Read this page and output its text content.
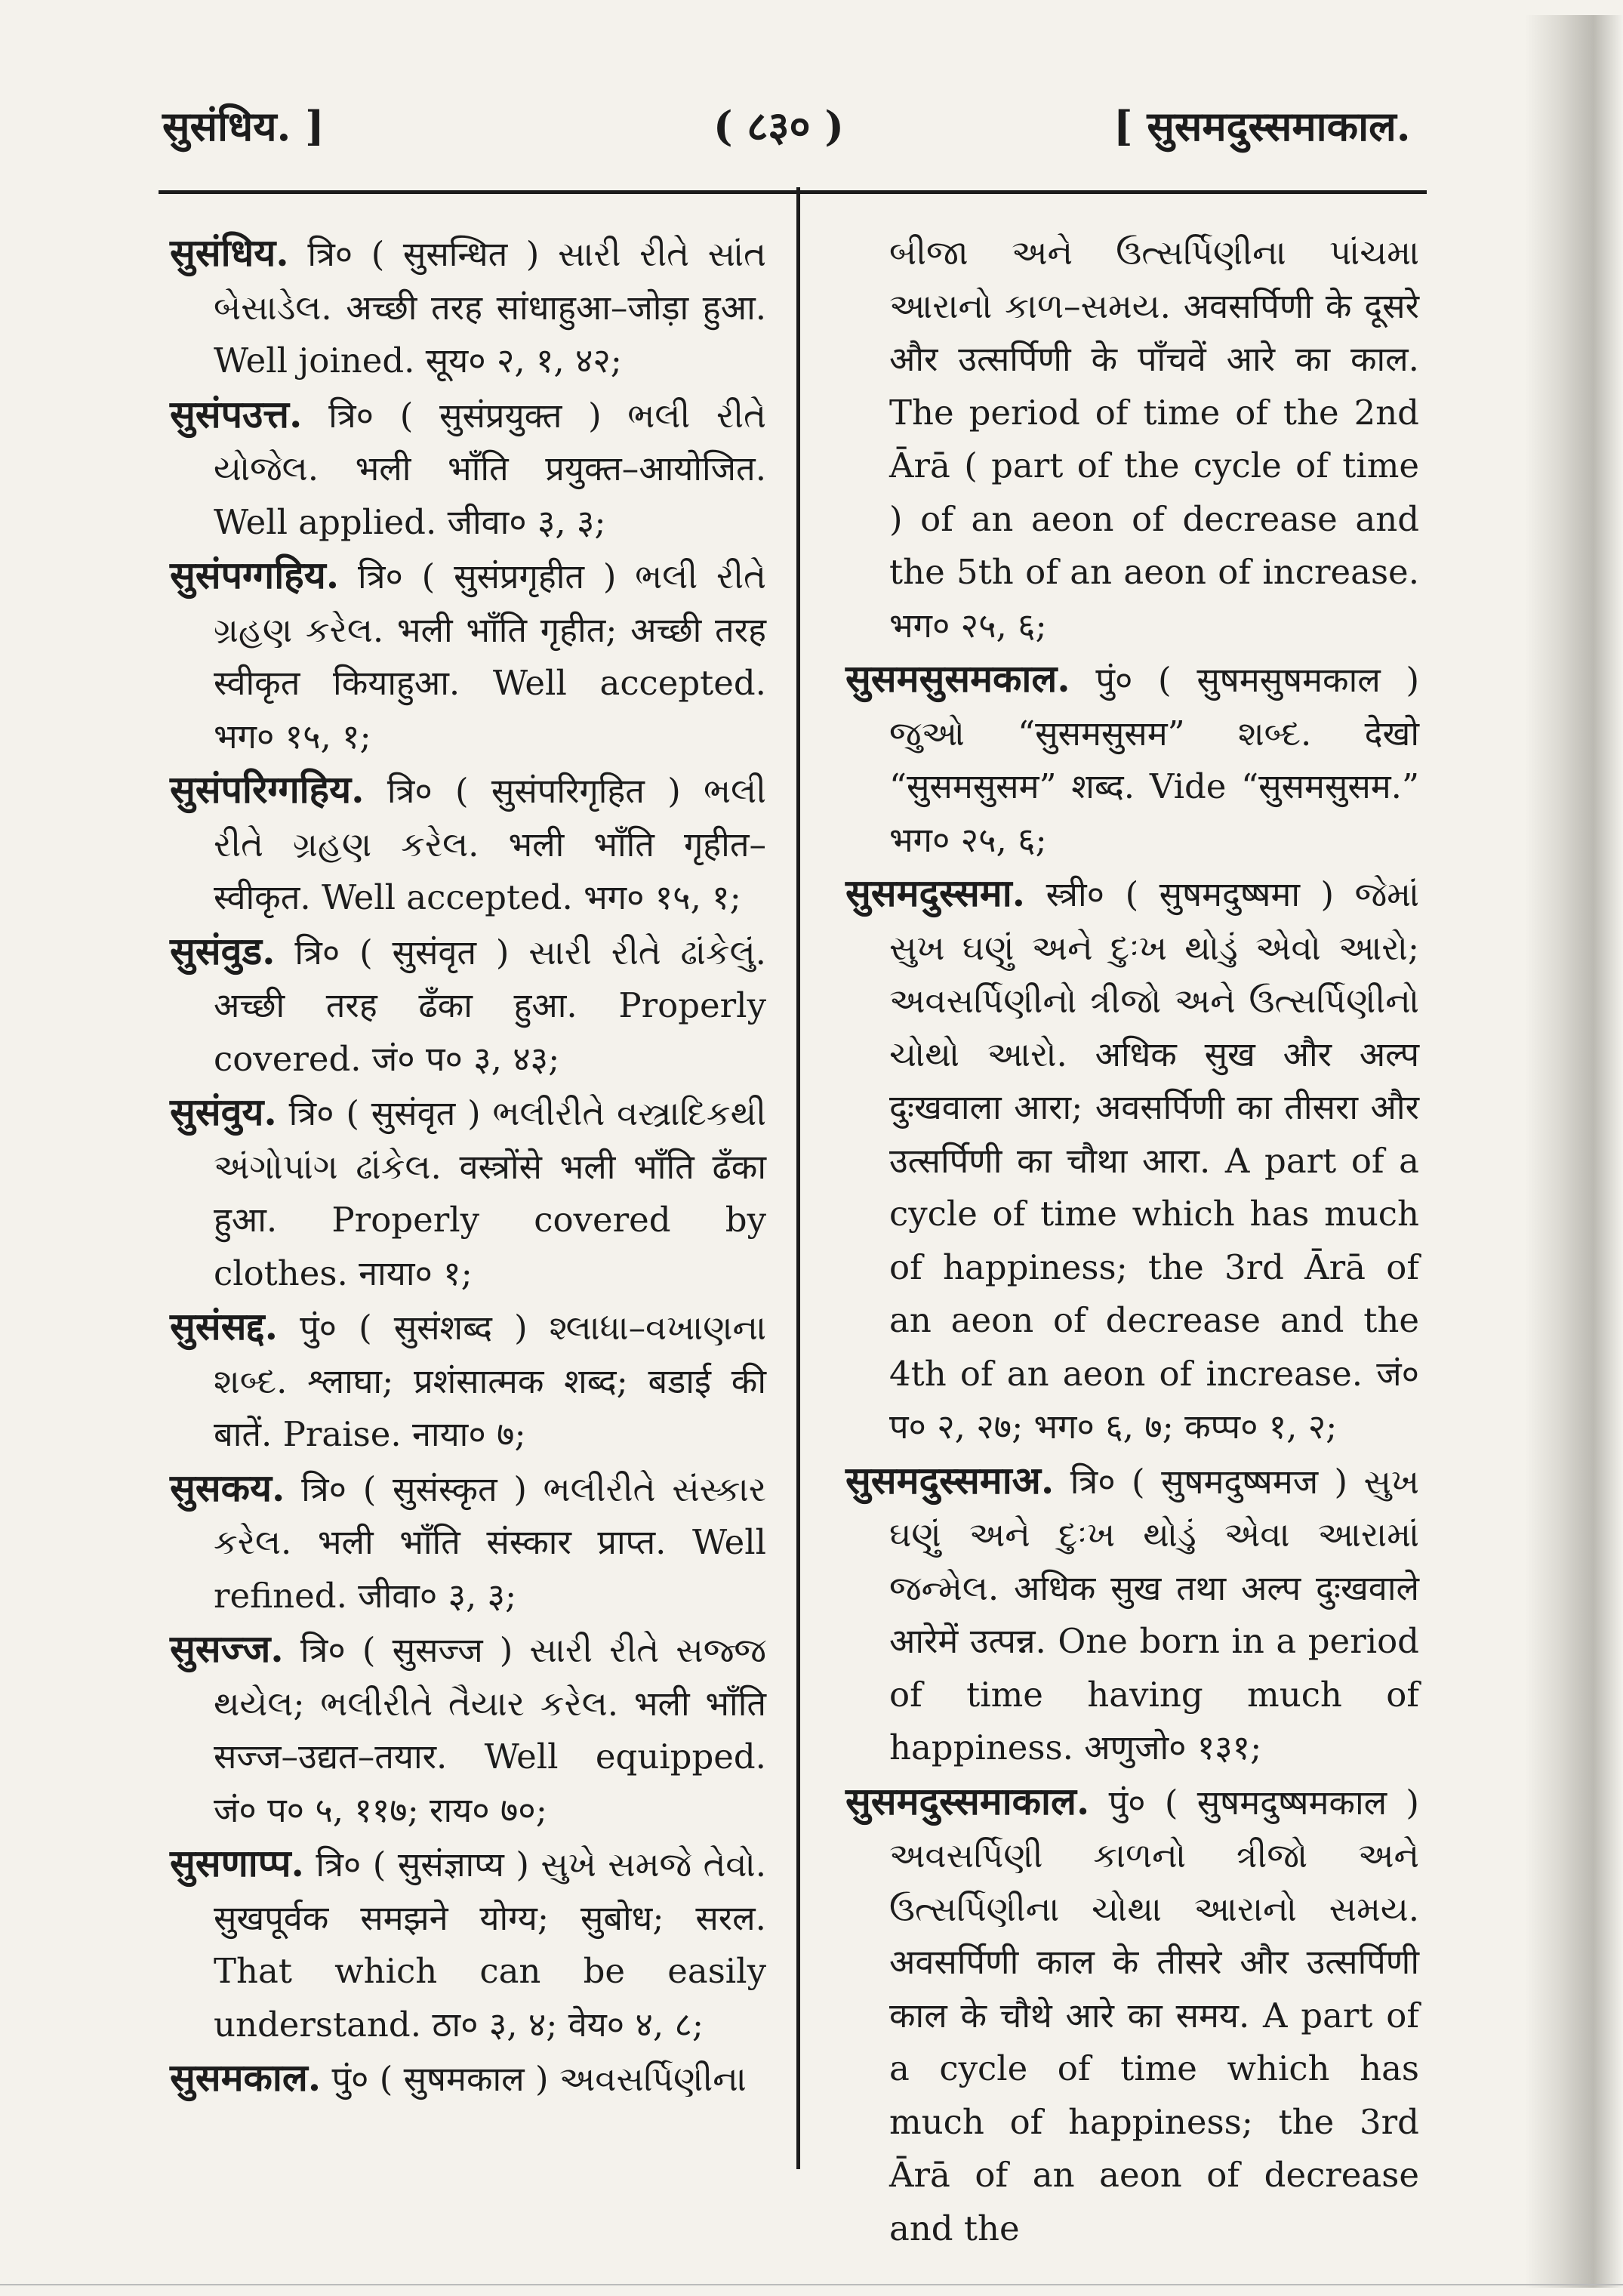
सुसंधिय. ]	( ८३० )	[ सुसमदुस्समाकाल.

सुसंधिय. त्रि० ( सुसन्धित ) સારી રીતે સાંત બેસાડેલ. अच्छी तरह सांधाहुआ–जोड़ा हुआ. Well joined. सूय० २, १, ४२;

सुसंपउत्त. त्रि० ( सुसंप्रयुक्त ) ભલી રીતે યોજેલ. भली भाँति प्रयुक्त–आयोजित. Well applied. जीवा० ३, ३;

सुसंपग्गहिय. त्रि० ( सुसंप्रगृहीत ) ભલી રીતે ગ્રહણ કરેલ. भली भाँति गृहीत; अच्छी तरह स्वीकृत कियाहुआ. Well accepted. भग० १५, १;

सुसंपरिग्गहिय. त्रि० ( सुसंपरिगृहित ) ભલી રીતે ગ્રહણ કરેલ. भली भाँति गृहीत–स्वीकृत. Well accepted. भग० १५, १;

सुसंवुड. त्रि० ( सुसंवृत ) સારી રીતે ઢાંકેલું. अच्छी तरह ढँका हुआ. Properly covered. जं० प० ३, ४३;

सुसंवुय. त्रि० ( सुसंवृत ) ભલીરીતે વસ્ત્રાદિકથી અંગોપાંગ ઢાંકેલ. वस्त्रोंसे भली भाँति ढँका हुआ. Properly covered by clothes. नाया० १;

सुसंसद्द. पुं० ( सुसंशब्द ) શ્લાધા–વખાણના શબ્દ. श्लाघा; प्रशंसात्मक शब्द; बडाई की बातें. Praise. नाया० ७;

सुसकय. त्रि० ( सुसंस्कृत ) ભલીરીતે સંસ્કાર કરેલ. भली भाँति संस्कार प्राप्त. Well refined. जीवा० ३, ३;

सुसज्ज. त्रि० ( सुसज्ज ) સારી રીતે સજ્જ થયેલ; ભલીરીતે તૈયાર કરેલ. भली भाँति सज्ज–उद्यत–तयार. Well equipped. जं० प० ५, ११७; राय० ७०;

सुसणाप्प. त्रि० ( सुसंज्ञाप्य ) સુખે સમજે તેવો. सुखपूर्वक समझने योग्य; सुबोध; सरल. That which can be easily understand. ठा० ३, ४; वेय० ४, ८;

सुसमकाल. पुं० ( सुषमकाल ) અવસર્પિણીના

બીજા અને ઉત્સર્પિણીના પાંચમા આરાનો કાળ–સમય. अवसर्पिणी के दूसरे और उत्सर्पिणी के पाँचवें आरे का काल. The period of time of the 2nd Ārā ( part of the cycle of time ) of an aeon of decrease and the 5th of an aeon of increase. भग० २५, ६;

सुसमसुसमकाल. पुं० ( सुषमसुषमकाल ) જુઓ “सुसमसुसम” શબ્દ. देखो “सुसमसुसम” शब्द. Vide “सुसमसुसम.” भग० २५, ६;

सुसमदुस्समा. स्त्री० ( सुषमदुष्षमा ) જેમાં સુખ ઘણું અને દુઃખ થોડું એવો આરો; અવસર્પિણીનો ત્રીજો અને ઉત્સર્પિણીનો ચોથો આરો. अधिक सुख और अल्प दुःखवाला आरा; अवसर्पिणी का तीसरा और उत्सर्पिणी का चौथा आरा. A part of a cycle of time which has much of happiness; the 3rd Ārā of an aeon of decrease and the 4th of an aeon of increase. जं० प० २, २७; भग० ६, ७; कप्प० १, २;

सुसमदुस्समाअ. त्रि० ( सुषमदुष्षमज ) સુખ ઘણું અને દુઃખ થોડું એવા આરામાં જન્મેલ. अधिक सुख तथा अल्प दुःखवाले आरेमें उत्पन्न. One born in a period of time having much of happiness. अणुजो० १३१;

सुसमदुस्समाकाल. पुं० ( सुषमदुष्षमकाल ) અવસર્પિણી કાળનો ત્રીજો અને ઉત્સર્પિણીના ચોથા આરાનો સમય. अवसर्पिणी काल के तीसरे और उत्सर्पिणी काल के चौथे आरे का समय. A part of a cycle of time which has much of happiness; the 3rd Ārā of an aeon of decrease and the
